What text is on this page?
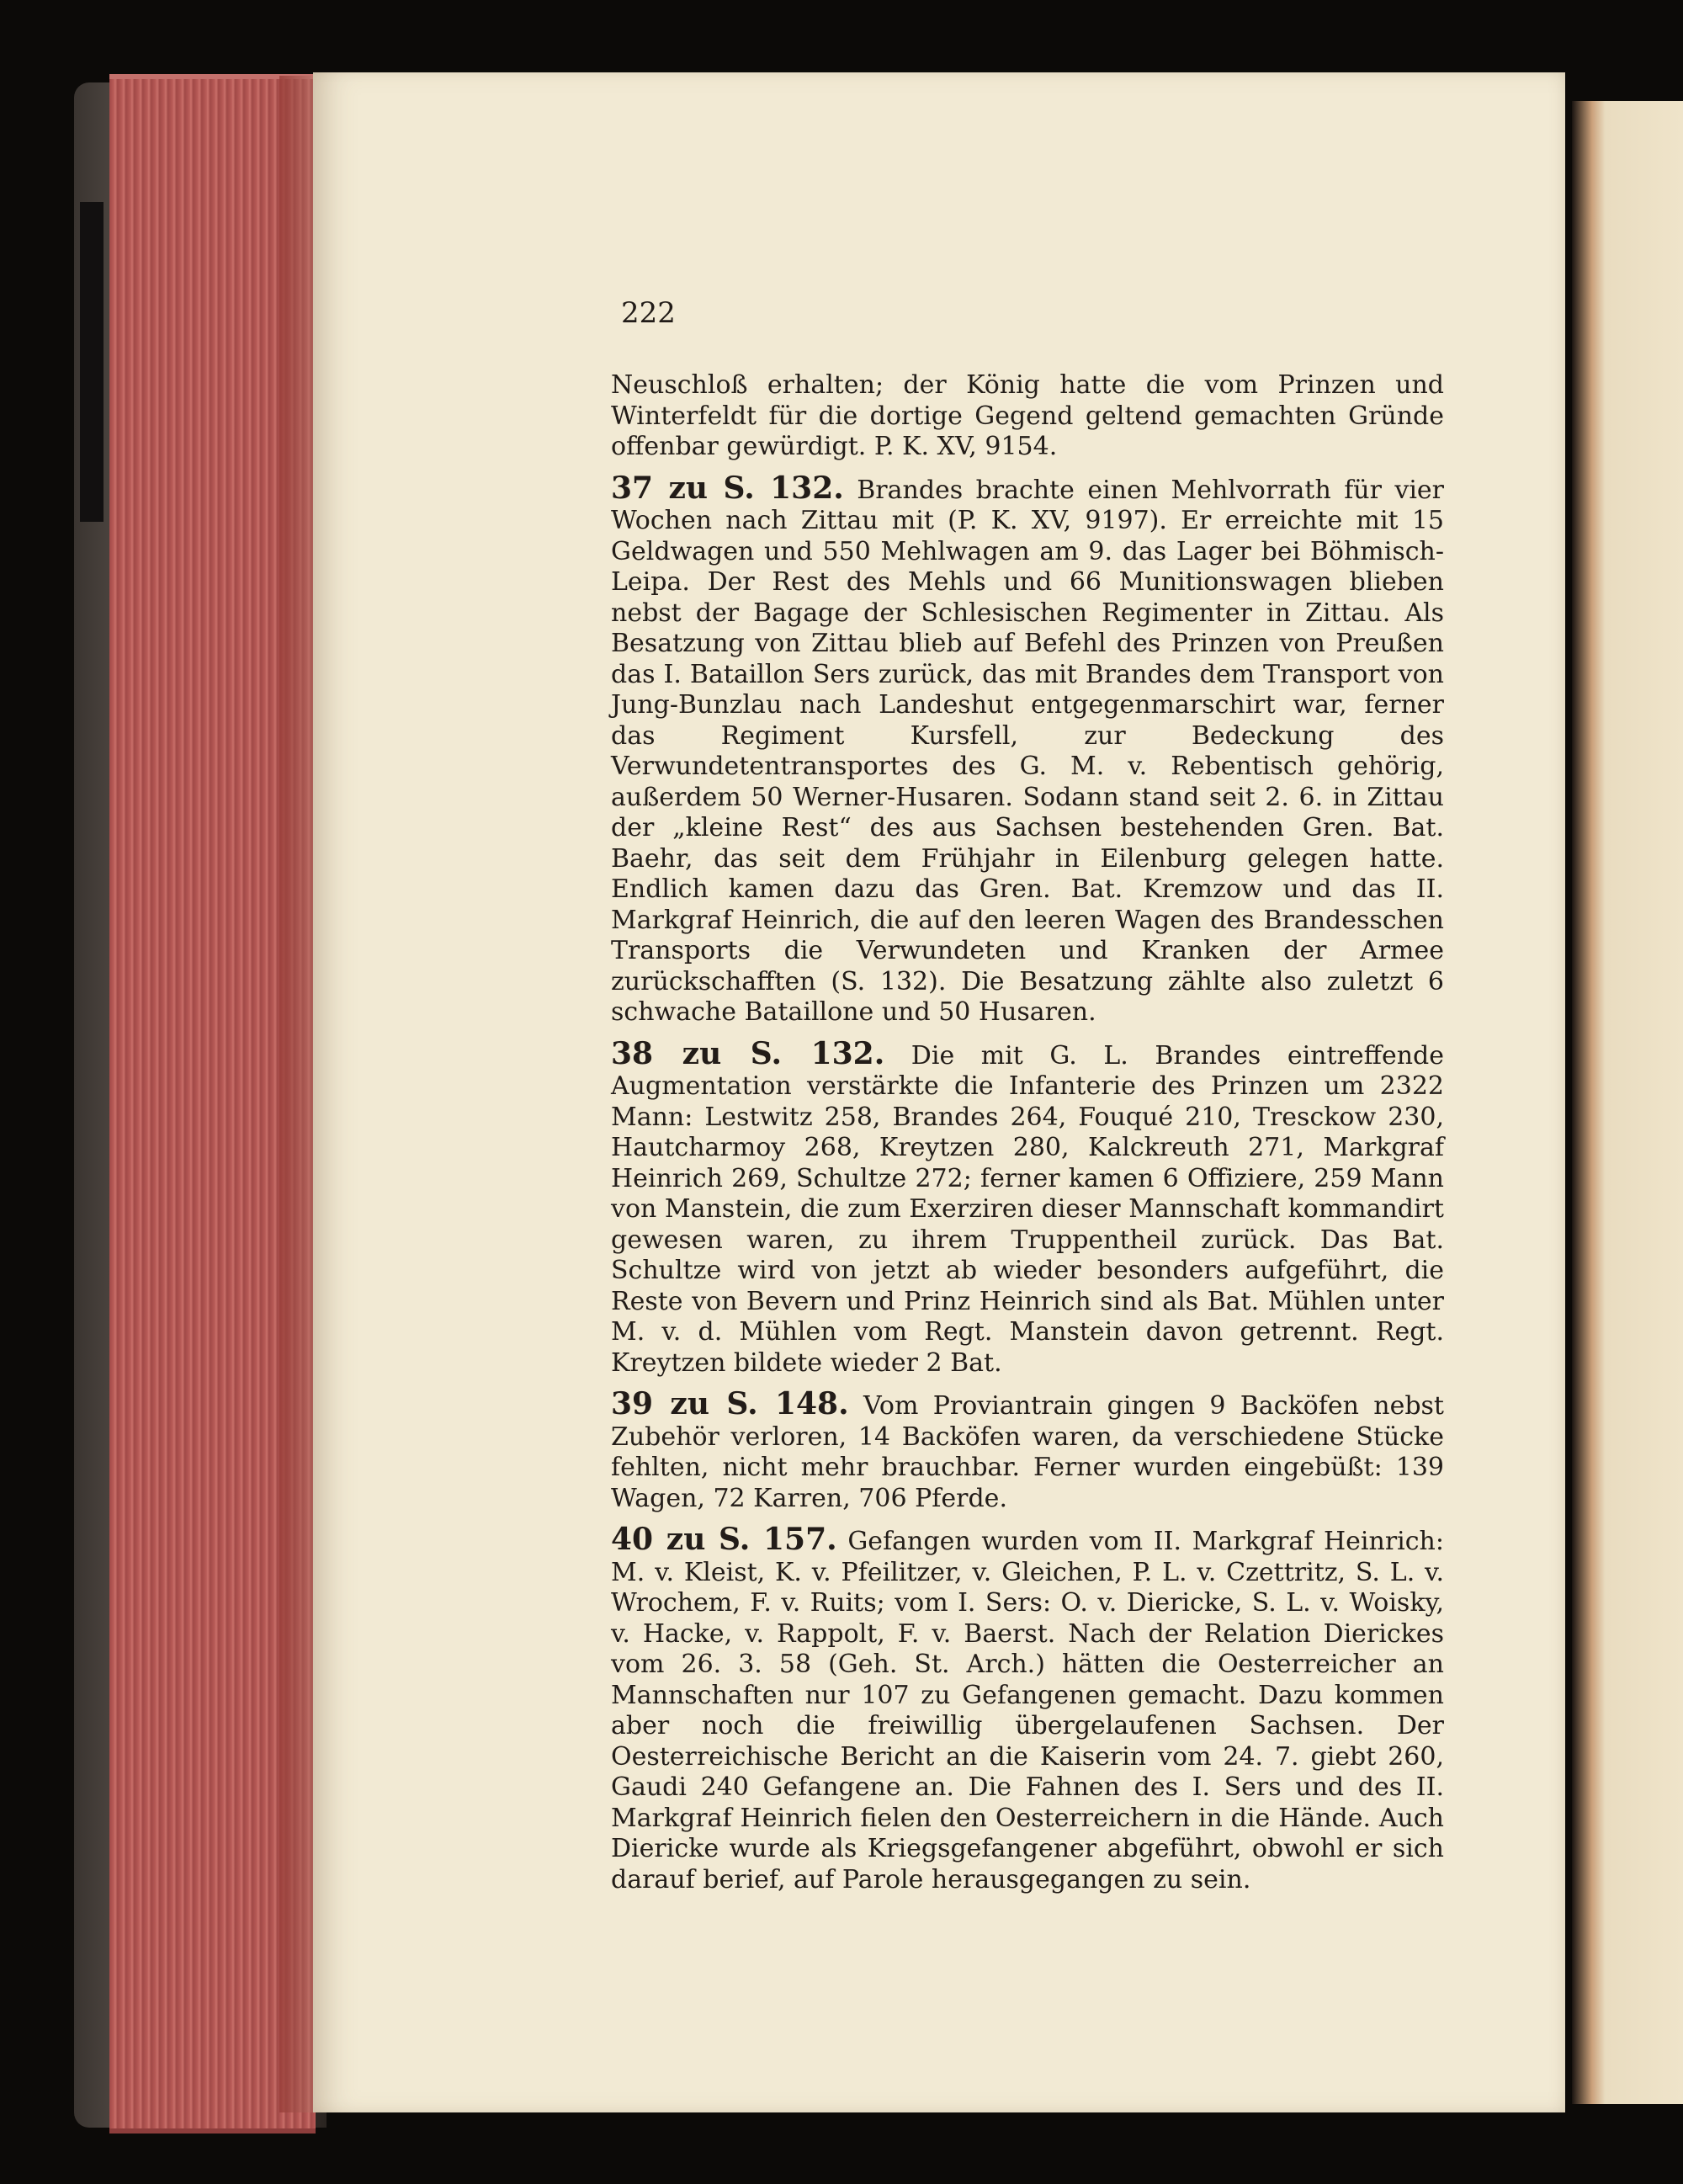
222

Neuschloß erhalten; der König hatte die vom Prinzen und Winterfeldt für die dortige Gegend geltend gemachten Gründe offenbar gewürdigt. P. K. XV, 9154.

37 zu S. 132. Brandes brachte einen Mehlvorrath für vier Wochen nach Zittau mit (P. K. XV, 9197). Er erreichte mit 15 Geldwagen und 550 Mehlwagen am 9. das Lager bei Böhmisch-Leipa. Der Rest des Mehls und 66 Munitionswagen blieben nebst der Bagage der Schlesischen Regimenter in Zittau. Als Besatzung von Zittau blieb auf Befehl des Prinzen von Preußen das I. Bataillon Sers zurück, das mit Brandes dem Transport von Jung-Bunzlau nach Landeshut entgegenmarschirt war, ferner das Regiment Kursfell, zur Bedeckung des Verwundetentransportes des G. M. v. Rebentisch gehörig, außerdem 50 Werner-Husaren. Sodann stand seit 2. 6. in Zittau der „kleine Rest“ des aus Sachsen bestehenden Gren. Bat. Baehr, das seit dem Frühjahr in Eilenburg gelegen hatte. Endlich kamen dazu das Gren. Bat. Kremzow und das II. Markgraf Heinrich, die auf den leeren Wagen des Brandesschen Transports die Verwundeten und Kranken der Armee zurückschafften (S. 132). Die Besatzung zählte also zuletzt 6 schwache Bataillone und 50 Husaren.

38 zu S. 132. Die mit G. L. Brandes eintreffende Augmentation verstärkte die Infanterie des Prinzen um 2322 Mann: Lestwitz 258, Brandes 264, Fouqué 210, Tresckow 230, Hautcharmoy 268, Kreytzen 280, Kalckreuth 271, Markgraf Heinrich 269, Schultze 272; ferner kamen 6 Offiziere, 259 Mann von Manstein, die zum Exerziren dieser Mannschaft kommandirt gewesen waren, zu ihrem Truppentheil zurück. Das Bat. Schultze wird von jetzt ab wieder besonders aufgeführt, die Reste von Bevern und Prinz Heinrich sind als Bat. Mühlen unter M. v. d. Mühlen vom Regt. Manstein davon getrennt. Regt. Kreytzen bildete wieder 2 Bat.

39 zu S. 148. Vom Proviantrain gingen 9 Backöfen nebst Zubehör verloren, 14 Backöfen waren, da verschiedene Stücke fehlten, nicht mehr brauchbar. Ferner wurden eingebüßt: 139 Wagen, 72 Karren, 706 Pferde.

40 zu S. 157. Gefangen wurden vom II. Markgraf Heinrich: M. v. Kleist, K. v. Pfeilitzer, v. Gleichen, P. L. v. Czettritz, S. L. v. Wrochem, F. v. Ruits; vom I. Sers: O. v. Diericke, S. L. v. Woisky, v. Hacke, v. Rappolt, F. v. Baerst. Nach der Relation Dierickes vom 26. 3. 58 (Geh. St. Arch.) hätten die Oesterreicher an Mannschaften nur 107 zu Gefangenen gemacht. Dazu kommen aber noch die freiwillig übergelaufenen Sachsen. Der Oesterreichische Bericht an die Kaiserin vom 24. 7. giebt 260, Gaudi 240 Gefangene an. Die Fahnen des I. Sers und des II. Markgraf Heinrich fielen den Oesterreichern in die Hände. Auch Diericke wurde als Kriegsgefangener abgeführt, obwohl er sich darauf berief, auf Parole herausgegangen zu sein.
